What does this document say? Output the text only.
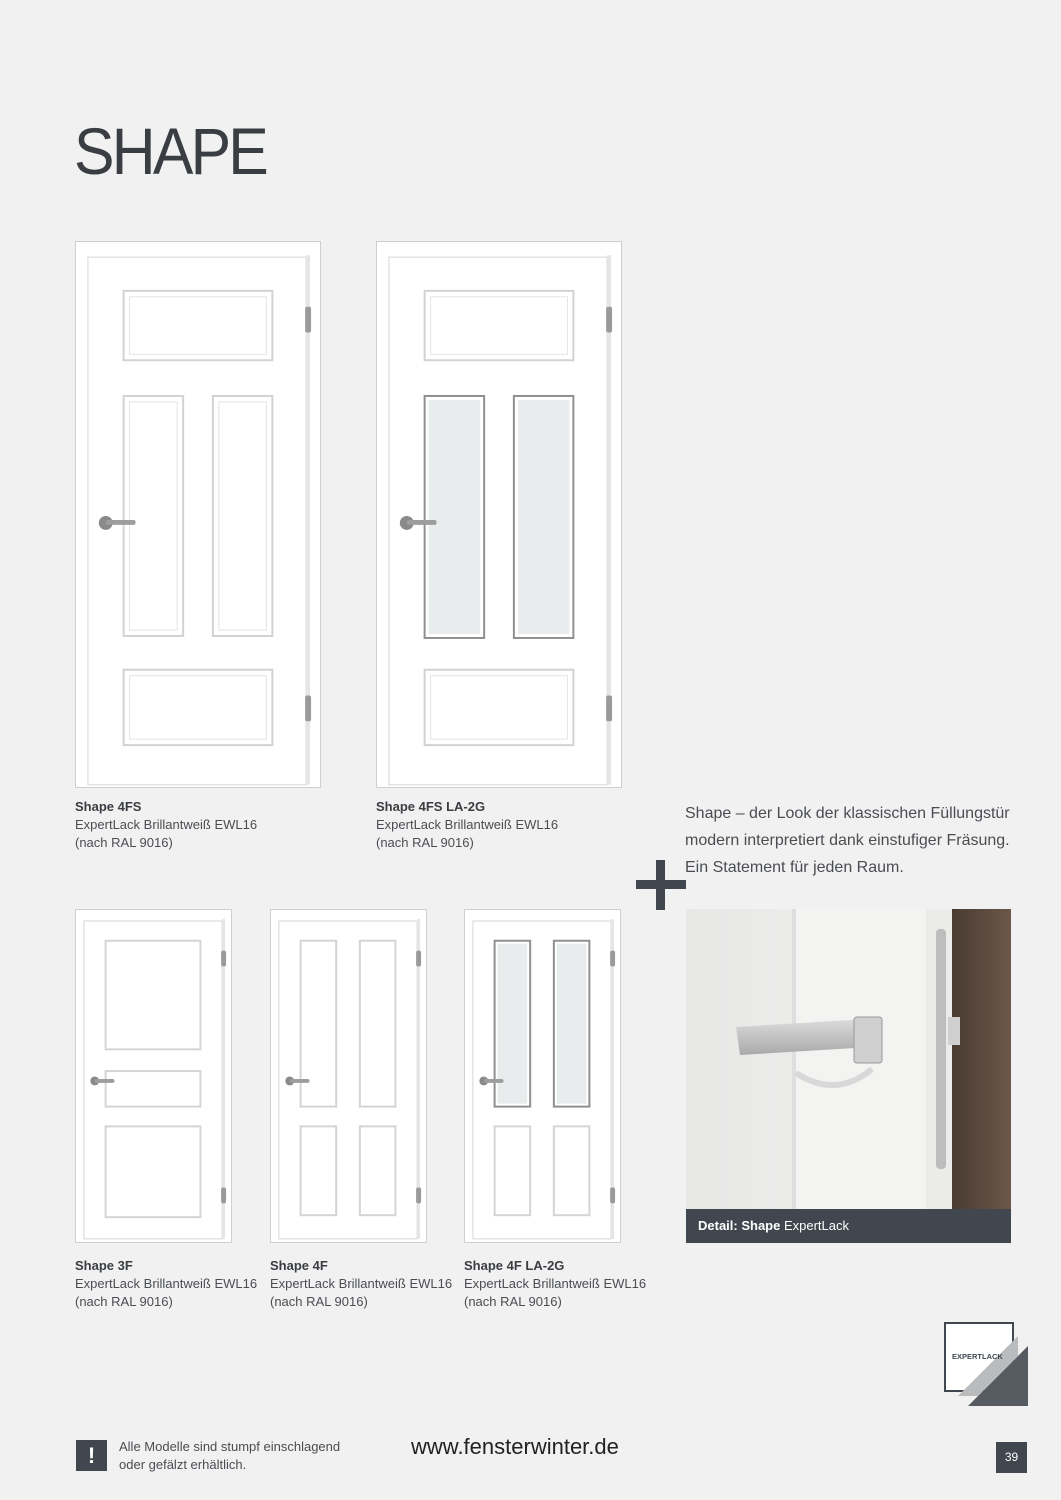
SHAPE
Shape 4FS
ExpertLack Brillantweiß EWL16
(nach RAL 9016)
Shape 4FS LA-2G
ExpertLack Brillantweiß EWL16
(nach RAL 9016)
Shape – der Look der klassischen Füllungstür
modern interpretiert dank einstufiger Fräsung.
Ein Statement für jeden Raum.
Shape 3F
ExpertLack Brillantweiß EWL16
(nach RAL 9016)
Shape 4F
ExpertLack Brillantweiß EWL16
(nach RAL 9016)
Shape 4F LA-2G
ExpertLack Brillantweiß EWL16
(nach RAL 9016)
Detail: Shape ExpertLack
EXPERTLACK
!	Alle Modelle sind stumpf einschlagend
oder gefälzt erhältlich.
www.fensterwinter.de	39
